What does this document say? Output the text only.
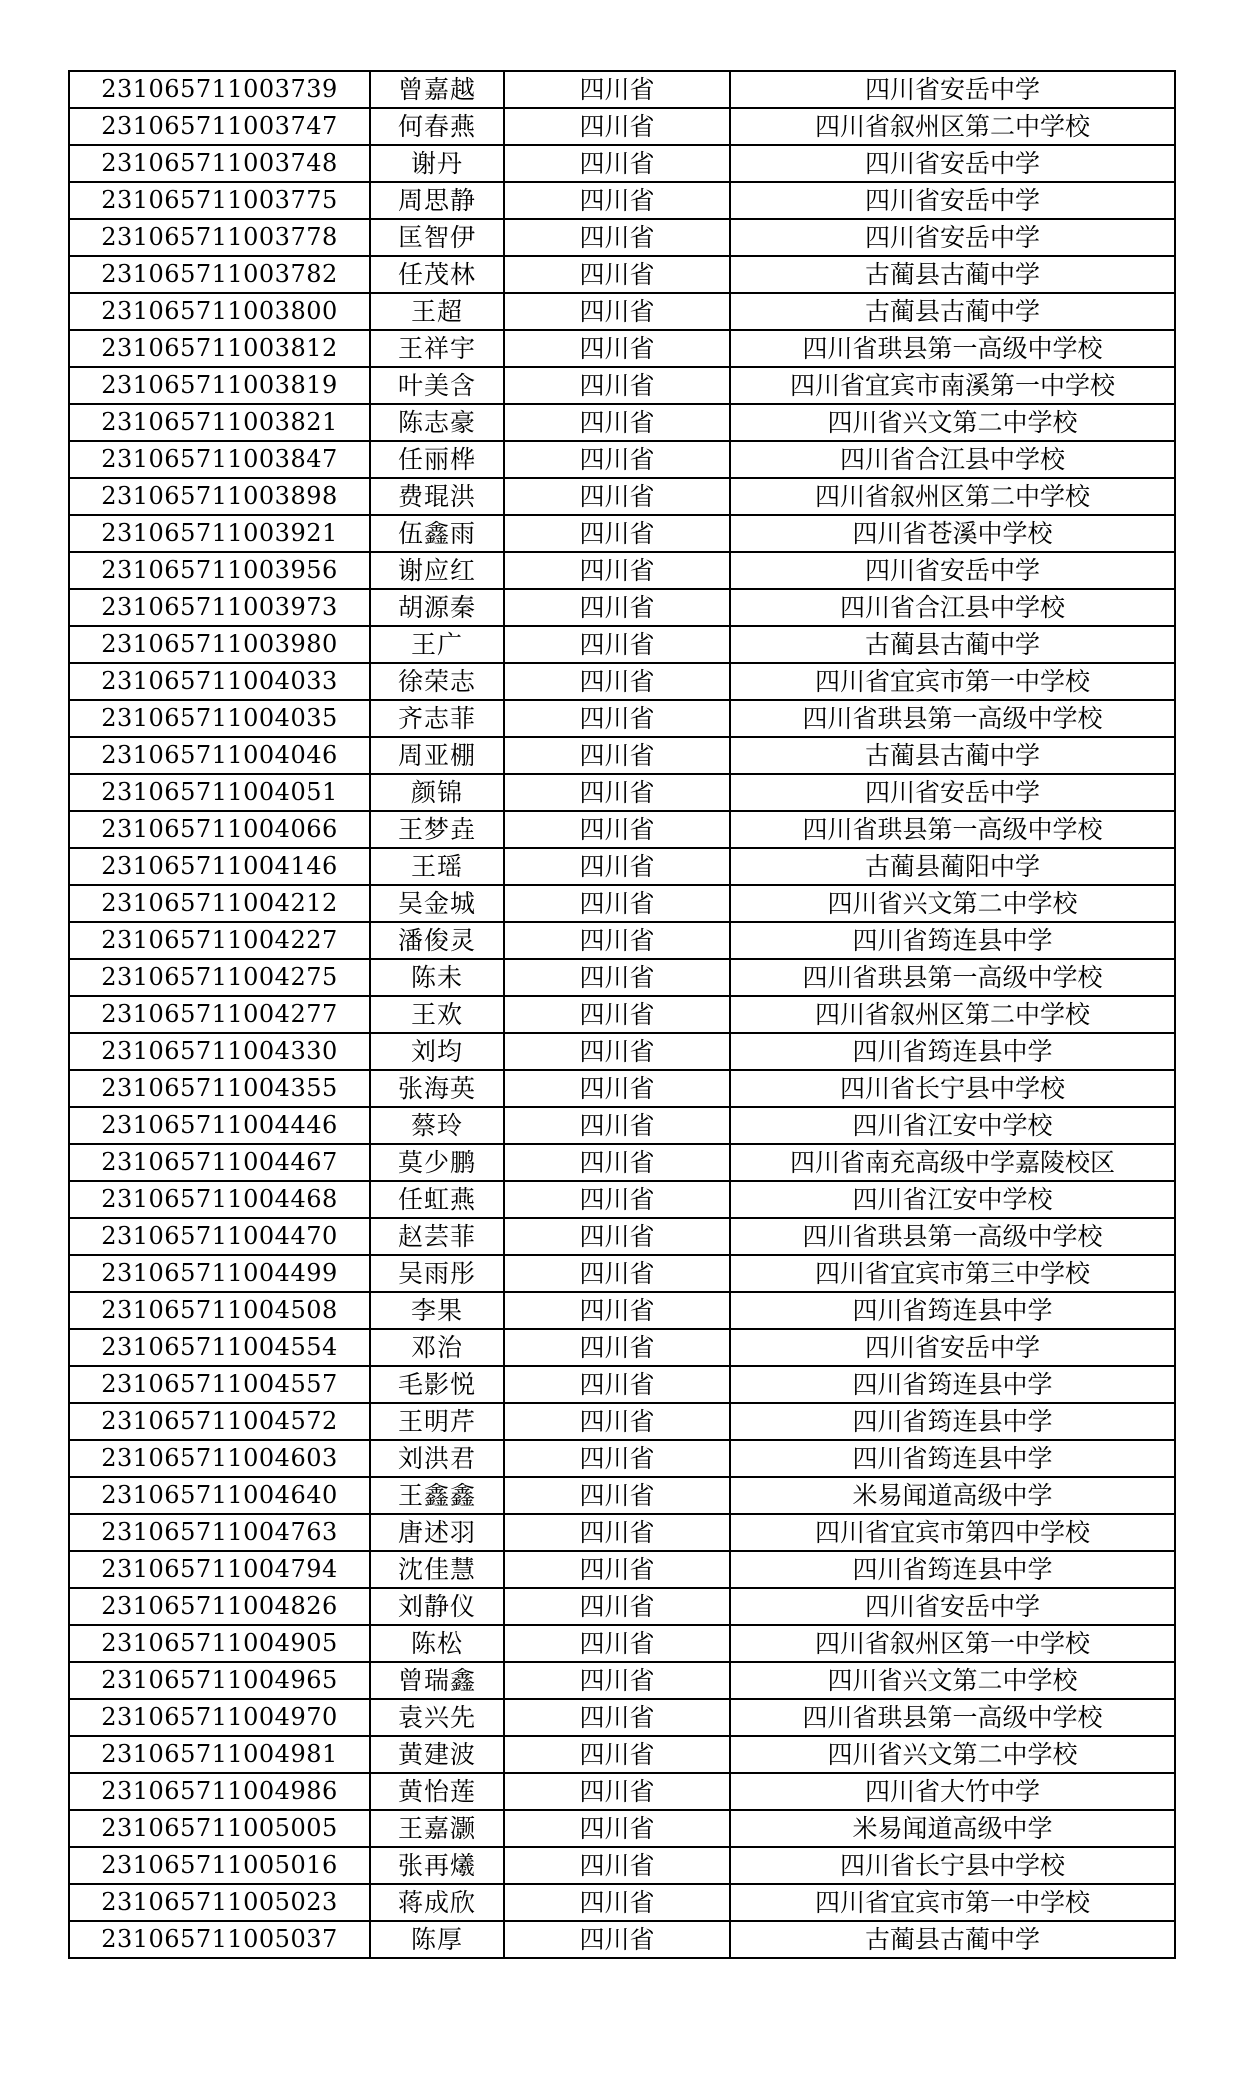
231065711003739	曾嘉越	四川省	四川省安岳中学
231065711003747	何春燕	四川省	四川省叙州区第二中学校
231065711003748	谢丹	四川省	四川省安岳中学
231065711003775	周思静	四川省	四川省安岳中学
231065711003778	匡智伊	四川省	四川省安岳中学
231065711003782	任茂林	四川省	古蔺县古蔺中学
231065711003800	王超	四川省	古蔺县古蔺中学
231065711003812	王祥宇	四川省	四川省珙县第一高级中学校
231065711003819	叶美含	四川省	四川省宜宾市南溪第一中学校
231065711003821	陈志豪	四川省	四川省兴文第二中学校
231065711003847	任丽桦	四川省	四川省合江县中学校
231065711003898	费琨洪	四川省	四川省叙州区第二中学校
231065711003921	伍鑫雨	四川省	四川省苍溪中学校
231065711003956	谢应红	四川省	四川省安岳中学
231065711003973	胡源秦	四川省	四川省合江县中学校
231065711003980	王广	四川省	古蔺县古蔺中学
231065711004033	徐荣志	四川省	四川省宜宾市第一中学校
231065711004035	齐志菲	四川省	四川省珙县第一高级中学校
231065711004046	周亚棚	四川省	古蔺县古蔺中学
231065711004051	颜锦	四川省	四川省安岳中学
231065711004066	王梦垚	四川省	四川省珙县第一高级中学校
231065711004146	王瑶	四川省	古蔺县蔺阳中学
231065711004212	吴金城	四川省	四川省兴文第二中学校
231065711004227	潘俊灵	四川省	四川省筠连县中学
231065711004275	陈未	四川省	四川省珙县第一高级中学校
231065711004277	王欢	四川省	四川省叙州区第二中学校
231065711004330	刘均	四川省	四川省筠连县中学
231065711004355	张海英	四川省	四川省长宁县中学校
231065711004446	蔡玲	四川省	四川省江安中学校
231065711004467	莫少鹏	四川省	四川省南充高级中学嘉陵校区
231065711004468	任虹燕	四川省	四川省江安中学校
231065711004470	赵芸菲	四川省	四川省珙县第一高级中学校
231065711004499	吴雨彤	四川省	四川省宜宾市第三中学校
231065711004508	李果	四川省	四川省筠连县中学
231065711004554	邓治	四川省	四川省安岳中学
231065711004557	毛影悦	四川省	四川省筠连县中学
231065711004572	王明芹	四川省	四川省筠连县中学
231065711004603	刘洪君	四川省	四川省筠连县中学
231065711004640	王鑫鑫	四川省	米易闻道高级中学
231065711004763	唐述羽	四川省	四川省宜宾市第四中学校
231065711004794	沈佳慧	四川省	四川省筠连县中学
231065711004826	刘静仪	四川省	四川省安岳中学
231065711004905	陈松	四川省	四川省叙州区第一中学校
231065711004965	曾瑞鑫	四川省	四川省兴文第二中学校
231065711004970	袁兴先	四川省	四川省珙县第一高级中学校
231065711004981	黄建波	四川省	四川省兴文第二中学校
231065711004986	黄怡莲	四川省	四川省大竹中学
231065711005005	王嘉灏	四川省	米易闻道高级中学
231065711005016	张再爔	四川省	四川省长宁县中学校
231065711005023	蒋成欣	四川省	四川省宜宾市第一中学校
231065711005037	陈厚	四川省	古蔺县古蔺中学
